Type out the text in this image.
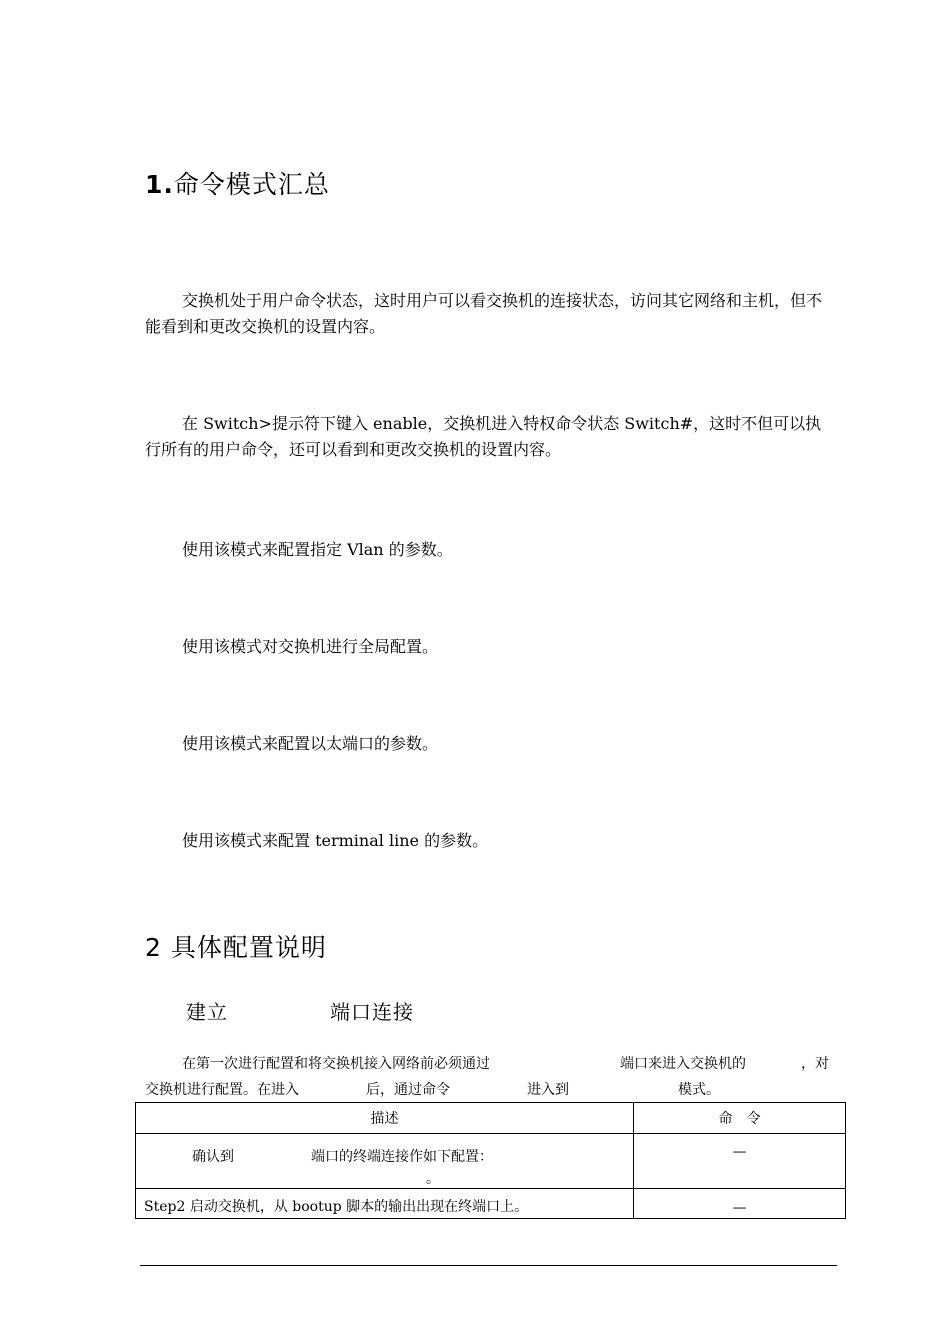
1.命令模式汇总
交换机处于用户命令状态，这时用户可以看交换机的连接状态，访问其它网络和主机，但不能看到和更改交换机的设置内容。
在 Switch>提示符下键入 enable，交换机进入特权命令状态 Switch#，这时不但可以执行所有的用户命令，还可以看到和更改交换机的设置内容。
使用该模式来配置指定 Vlan 的参数。
使用该模式对交换机进行全局配置。
使用该模式来配置以太端口的参数。
使用该模式来配置 terminal line 的参数。
2 具体配置说明
建立	端口连接
在第一次进行配置和将交换机接入网络前必须通过	端口来进入交换机的	，对
交换机进行配置。在进入	后，通过命令	进入到	模式。
描述	命　令

确认到 端口的终端连接作如下配置：
。	—

Step2 启动交换机，从 bootup 脚本的输出出现在终端口上。	—
